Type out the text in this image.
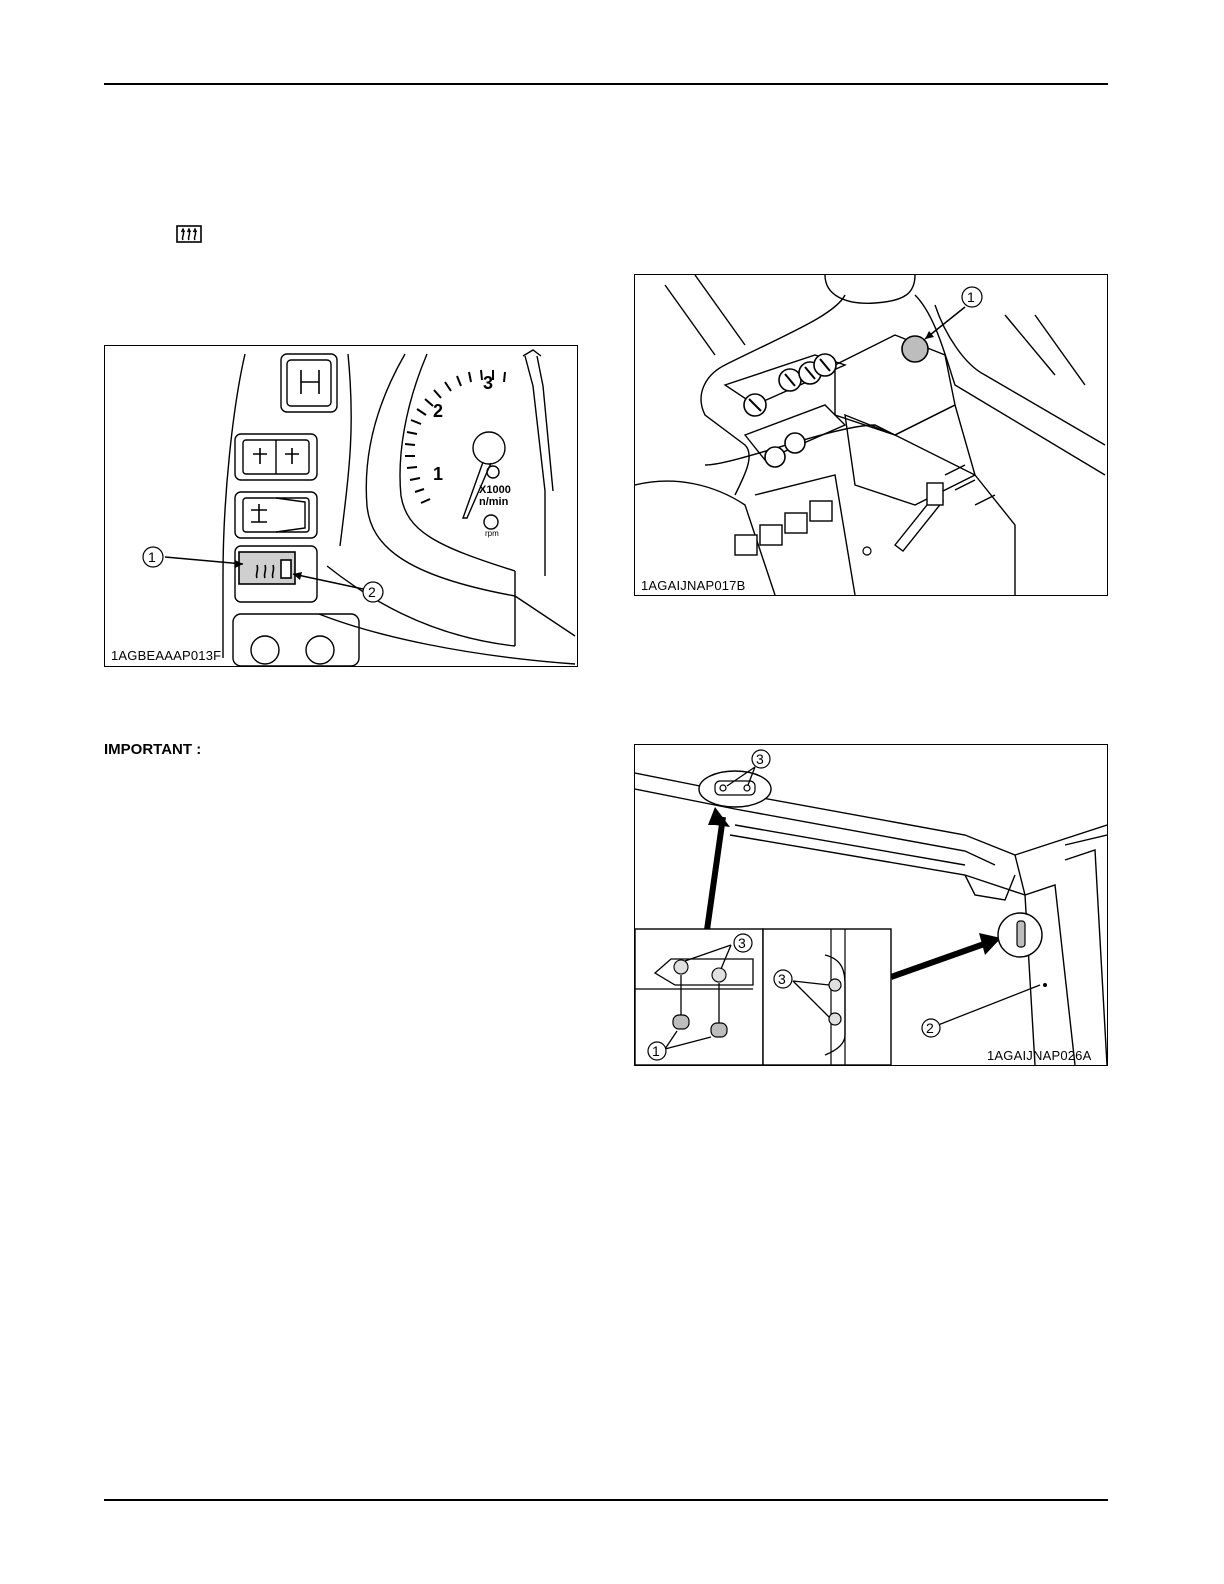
1
2
1
2
3
X1000
n/min
rpm
1AGBEAAAP013F
1
1AGAIJNAP017B
IMPORTANT :
3
3
3
1
2
1AGAIJNAP026A
